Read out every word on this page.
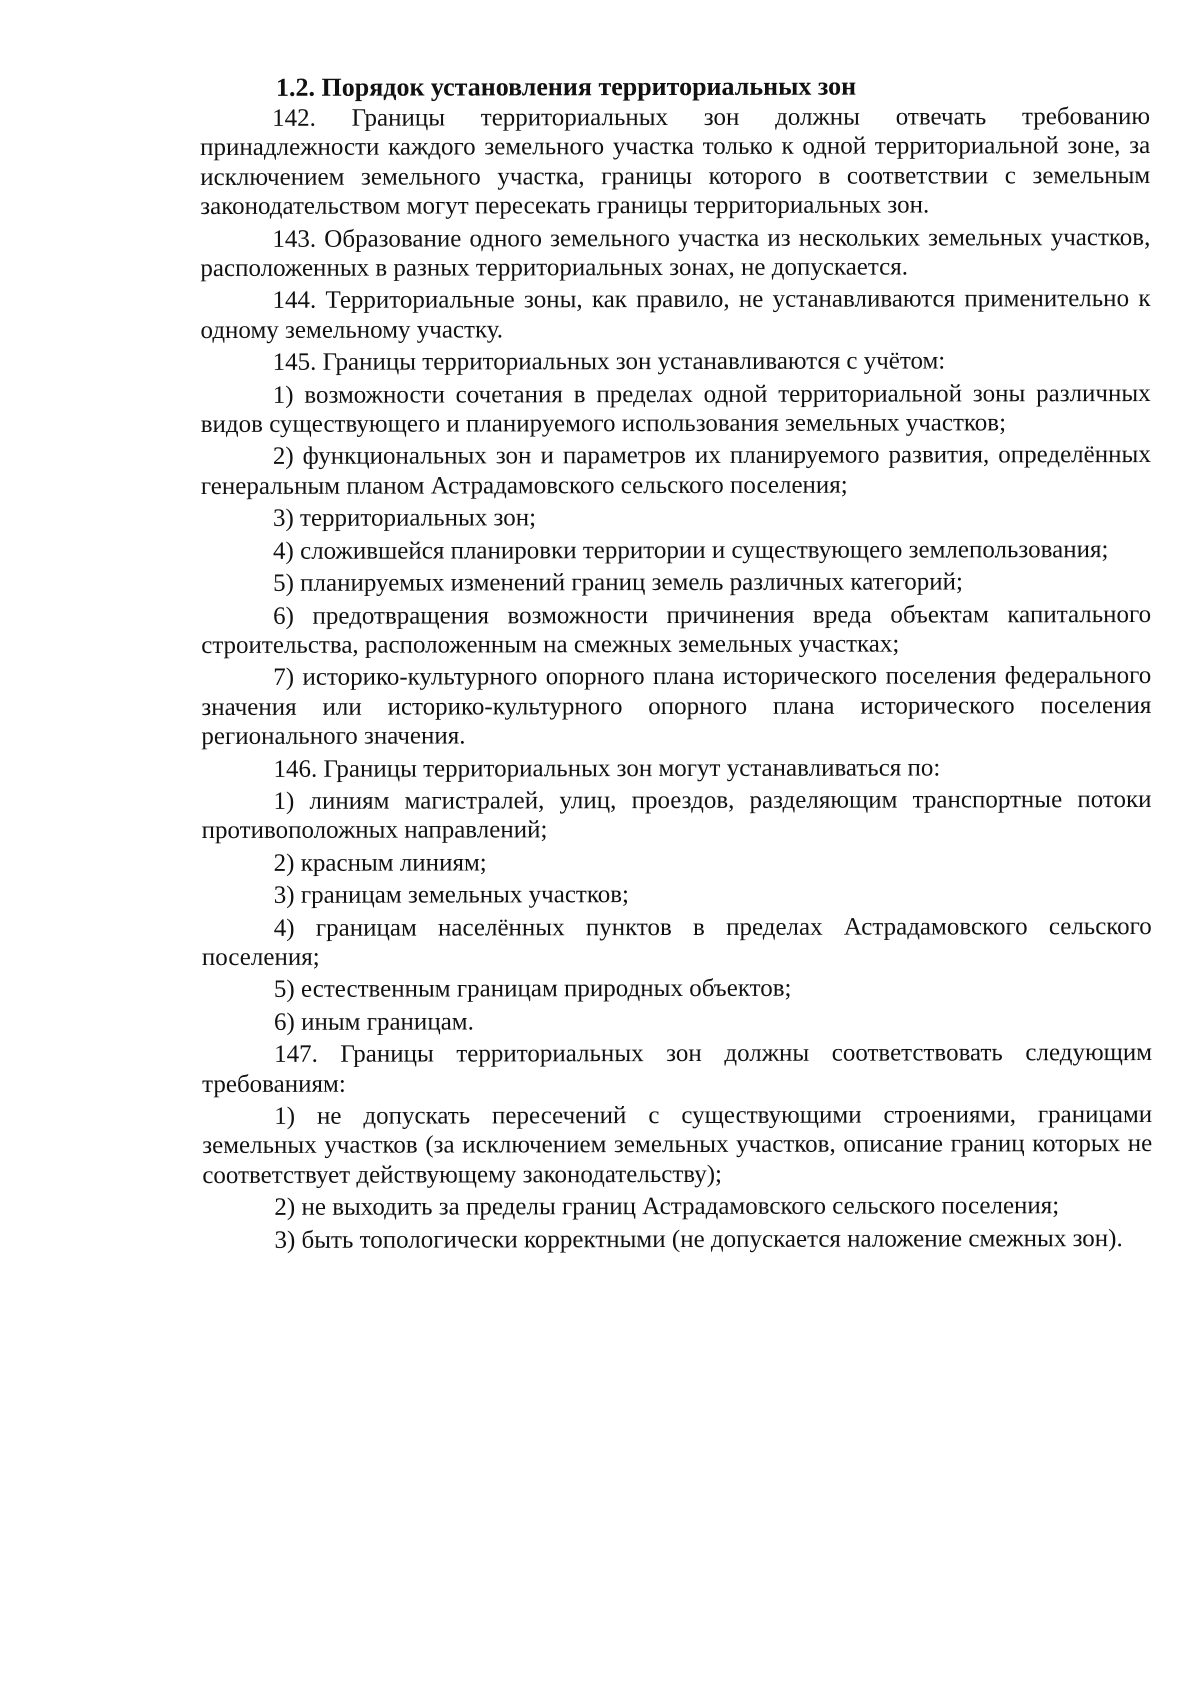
1.2. Порядок установления территориальных зон

142. Границы территориальных зон должны отвечать требованию принадлежности каждого земельного участка только к одной территориальной зоне, за исключением земельного участка, границы которого в соответствии с земельным законодательством могут пересекать границы территориальных зон.

143. Образование одного земельного участка из нескольких земельных участков, расположенных в разных территориальных зонах, не допускается.

144. Территориальные зоны, как правило, не устанавливаются применительно к одному земельному участку.

145. Границы территориальных зон устанавливаются с учётом:

1) возможности сочетания в пределах одной территориальной зоны различных видов существующего и планируемого использования земельных участков;

2) функциональных зон и параметров их планируемого развития, определённых генеральным планом Астрадамовского сельского поселения;

3) территориальных зон;

4) сложившейся планировки территории и существующего землепользования;

5) планируемых изменений границ земель различных категорий;

6) предотвращения возможности причинения вреда объектам капитального строительства, расположенным на смежных земельных участках;

7) историко-культурного опорного плана исторического поселения федерального значения или историко-культурного опорного плана исторического поселения регионального значения.

146. Границы территориальных зон могут устанавливаться по:

1) линиям магистралей, улиц, проездов, разделяющим транспортные потоки противоположных направлений;

2) красным линиям;

3) границам земельных участков;

4) границам населённых пунктов в пределах Астрадамовского сельского поселения;

5) естественным границам природных объектов;

6) иным границам.

147. Границы территориальных зон должны соответствовать следующим требованиям:

1) не допускать пересечений с существующими строениями, границами земельных участков (за исключением земельных участков, описание границ которых не соответствует действующему законодательству);

2) не выходить за пределы границ Астрадамовского сельского поселения;

3) быть топологически корректными (не допускается наложение смежных зон).
